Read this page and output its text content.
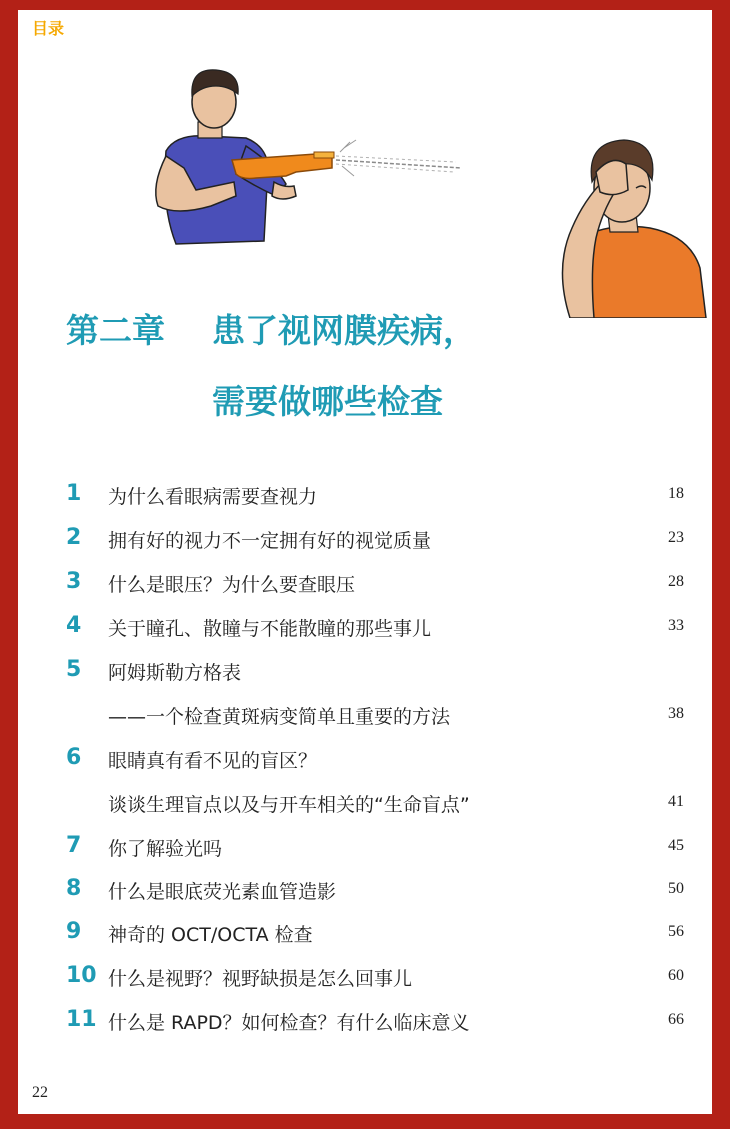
目录
第二章 患了视网膜疾病，
需要做哪些检查
1 为什么看眼病需要查视力	18
2 拥有好的视力不一定拥有好的视觉质量	23
3 什么是眼压？为什么要查眼压	28
4 关于瞳孔、散瞳与不能散瞳的那些事儿	33
5 阿姆斯勒方格表
——一个检查黄斑病变简单且重要的方法	38
6 眼睛真有看不见的盲区？
谈谈生理盲点以及与开车相关的“生命盲点”	41
7 你了解验光吗	45
8 什么是眼底荧光素血管造影	50
9 神奇的 OCT/OCTA 检查	56
10 什么是视野？视野缺损是怎么回事儿	60
11 什么是 RAPD？如何检查？有什么临床意义	66
22
